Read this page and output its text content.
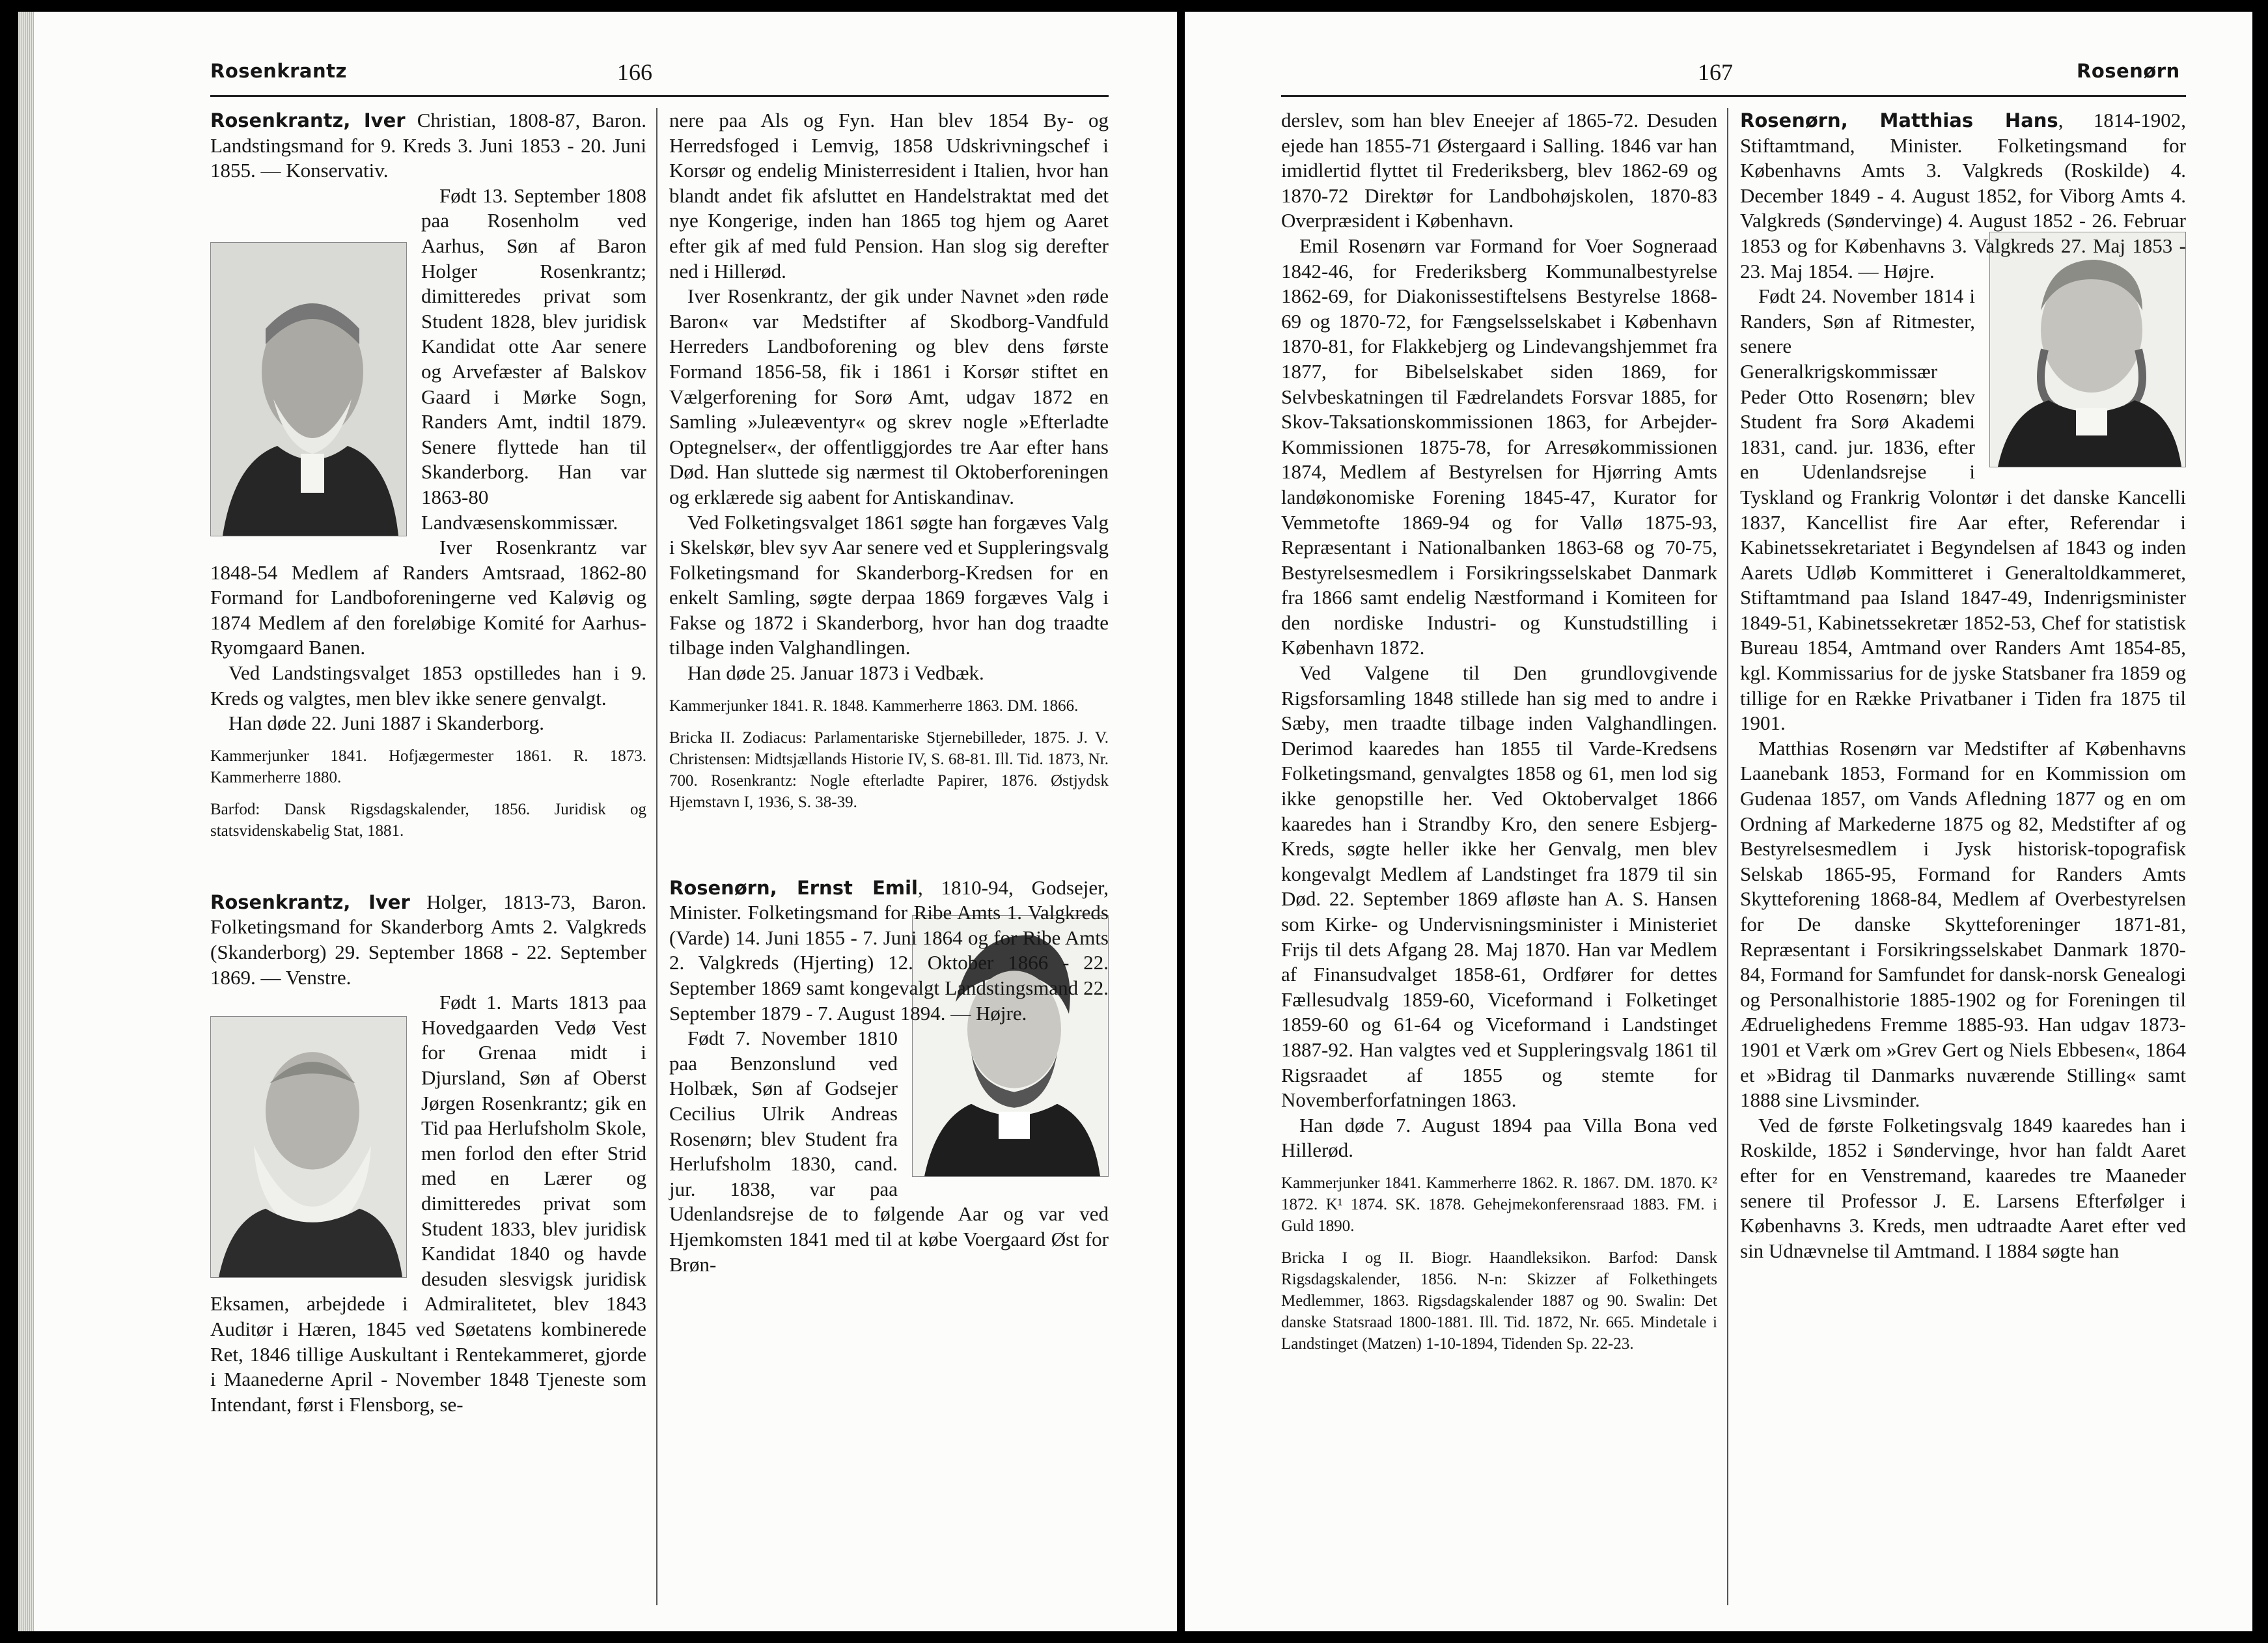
Rosenkrantz	166

Rosenkrantz, Iver Christian, 1808-87, Baron. Landstingsmand for 9. Kreds 3. Juni 1853 - 20. Juni 1855. — Konservativ.

Født 13. September 1808 paa Rosenholm ved Aarhus, Søn af Baron Holger Rosenkrantz; dimitteredes privat som Student 1828, blev juridisk Kandidat otte Aar senere og Arvefæster af Balskov Gaard i Mørke Sogn, Randers Amt, indtil 1879. Senere flyttede han til Skanderborg. Han var 1863-80 Landvæsenskommissær.

Iver Rosenkrantz var 1848-54 Medlem af Randers Amtsraad, 1862-80 Formand for Landboforeningerne ved Kaløvig og 1874 Medlem af den foreløbige Komité for Aarhus-Ryomgaard Banen.

Ved Landstingsvalget 1853 opstilledes han i 9. Kreds og valgtes, men blev ikke senere genvalgt.

Han døde 22. Juni 1887 i Skanderborg.

Kammerjunker 1841. Hofjægermester 1861. R. 1873. Kammerherre 1880.

Barfod: Dansk Rigsdagskalender, 1856. Juridisk og statsvidenskabelig Stat, 1881.

Rosenkrantz, Iver Holger, 1813-73, Baron. Folketingsmand for Skanderborg Amts 2. Valgkreds (Skanderborg) 29. September 1868 - 22. September 1869. — Venstre.

Født 1. Marts 1813 paa Hovedgaarden Vedø Vest for Grenaa midt i Djursland, Søn af Oberst Jørgen Rosenkrantz; gik en Tid paa Herlufsholm Skole, men forlod den efter Strid med en Lærer og dimitteredes privat som Student 1833, blev juridisk Kandidat 1840 og havde desuden slesvigsk juridisk Eksamen, arbejdede i Admiralitetet, blev 1843 Auditør i Hæren, 1845 ved Søetatens kombinerede Ret, 1846 tillige Auskultant i Rentekammeret, gjorde i Maanederne April - November 1848 Tjeneste som Intendant, først i Flensborg, se-

nere paa Als og Fyn. Han blev 1854 By- og Herredsfoged i Lemvig, 1858 Udskrivningschef i Korsør og endelig Ministerresident i Italien, hvor han blandt andet fik afsluttet en Handelstraktat med det nye Kongerige, inden han 1865 tog hjem og Aaret efter gik af med fuld Pension. Han slog sig derefter ned i Hillerød.

Iver Rosenkrantz, der gik under Navnet »den røde Baron« var Medstifter af Skodborg-Vandfuld Herreders Landboforening og blev dens første Formand 1856-58, fik i 1861 i Korsør stiftet en Vælgerforening for Sorø Amt, udgav 1872 en Samling »Juleæventyr« og skrev nogle »Efterladte Optegnelser«, der offentliggjordes tre Aar efter hans Død. Han sluttede sig nærmest til Oktoberforeningen og erklærede sig aabent for Antiskandinav.

Ved Folketingsvalget 1861 søgte han forgæves Valg i Skelskør, blev syv Aar senere ved et Suppleringsvalg Folketingsmand for Skanderborg-Kredsen for en enkelt Samling, søgte derpaa 1869 forgæves Valg i Fakse og 1872 i Skanderborg, hvor han dog traadte tilbage inden Valghandlingen.

Han døde 25. Januar 1873 i Vedbæk.

Kammerjunker 1841. R. 1848. Kammerherre 1863. DM. 1866.

Bricka II. Zodiacus: Parlamentariske Stjernebilleder, 1875. J. V. Christensen: Midtsjællands Historie IV, S. 68-81. Ill. Tid. 1873, Nr. 700. Rosenkrantz: Nogle efterladte Papirer, 1876. Østjydsk Hjemstavn I, 1936, S. 38-39.

Rosenørn, Ernst Emil, 1810-94, Godsejer, Minister. Folketingsmand for Ribe Amts 1. Valgkreds (Varde) 14. Juni 1855 - 7. Juni 1864 og for Ribe Amts 2. Valgkreds (Hjerting) 12. Oktober 1866 - 22. September 1869 samt kongevalgt Landstingsmand 22. September 1879 - 7. August 1894. — Højre.

Født 7. November 1810 paa Benzonslund ved Holbæk, Søn af Godsejer Cecilius Ulrik Andreas Rosenørn; blev Student fra Herlufsholm 1830, cand. jur. 1838, var paa Udenlandsrejse de to følgende Aar og var ved Hjemkomsten 1841 med til at købe Voergaard Øst for Brøn-

167	Rosenørn

derslev, som han blev Eneejer af 1865-72. Desuden ejede han 1855-71 Østergaard i Salling. 1846 var han imidlertid flyttet til Frederiksberg, blev 1862-69 og 1870-72 Direktør for Landbohøjskolen, 1870-83 Overpræsident i København.

Emil Rosenørn var Formand for Voer Sogneraad 1842-46, for Frederiksberg Kommunalbestyrelse 1862-69, for Diakonissestiftelsens Bestyrelse 1868-69 og 1870-72, for Fængselsselskabet i København 1870-81, for Flakkebjerg og Lindevangshjemmet fra 1877, for Bibelselskabet siden 1869, for Selvbeskatningen til Fædrelandets Forsvar 1885, for Skov-Taksationskommissionen 1863, for Arbejder-Kommissionen 1875-78, for Arresøkommissionen 1874, Medlem af Bestyrelsen for Hjørring Amts landøkonomiske Forening 1845-47, Kurator for Vemmetofte 1869-94 og for Vallø 1875-93, Repræsentant i Nationalbanken 1863-68 og 70-75, Bestyrelsesmedlem i Forsikringsselskabet Danmark fra 1866 samt endelig Næstformand i Komiteen for den nordiske Industri- og Kunstudstilling i København 1872.

Ved Valgene til Den grundlovgivende Rigsforsamling 1848 stillede han sig med to andre i Sæby, men traadte tilbage inden Valghandlingen. Derimod kaaredes han 1855 til Varde-Kredsens Folketingsmand, genvalgtes 1858 og 61, men lod sig ikke genopstille her. Ved Oktobervalget 1866 kaaredes han i Strandby Kro, den senere Esbjerg-Kreds, søgte heller ikke her Genvalg, men blev kongevalgt Medlem af Landstinget fra 1879 til sin Død. 22. September 1869 afløste han A. S. Hansen som Kirke- og Undervisningsminister i Ministeriet Frijs til dets Afgang 28. Maj 1870. Han var Medlem af Finansudvalget 1858-61, Ordfører for dettes Fællesudvalg 1859-60, Viceformand i Folketinget 1859-60 og 61-64 og Viceformand i Landstinget 1887-92. Han valgtes ved et Suppleringsvalg 1861 til Rigsraadet af 1855 og stemte for Novemberforfatningen 1863.

Han døde 7. August 1894 paa Villa Bona ved Hillerød.

Kammerjunker 1841. Kammerherre 1862. R. 1867. DM. 1870. K² 1872. K¹ 1874. SK. 1878. Gehejmekonferensraad 1883. FM. i Guld 1890.

Bricka I og II. Biogr. Haandleksikon. Barfod: Dansk Rigsdagskalender, 1856. N-n: Skizzer af Folkethingets Medlemmer, 1863. Rigsdagskalender 1887 og 90. Swalin: Det danske Statsraad 1800-1881. Ill. Tid. 1872, Nr. 665. Mindetale i Landstinget (Matzen) 1-10-1894, Tidenden Sp. 22-23.

Rosenørn, Matthias Hans, 1814-1902, Stiftamtmand, Minister. Folketingsmand for Københavns Amts 3. Valgkreds (Roskilde) 4. December 1849 - 4. August 1852, for Viborg Amts 4. Valgkreds (Søndervinge) 4. August 1852 - 26. Februar 1853 og for Københavns 3. Valgkreds 27. Maj 1853 - 23. Maj 1854. — Højre.

Født 24. November 1814 i Randers, Søn af Ritmester, senere Generalkrigskommissær Peder Otto Rosenørn; blev Student fra Sorø Akademi 1831, cand. jur. 1836, efter en Udenlandsrejse i Tyskland og Frankrig Volontør i det danske Kancelli 1837, Kancellist fire Aar efter, Referendar i Kabinetssekretariatet i Begyndelsen af 1843 og inden Aarets Udløb Kommitteret i Generaltoldkammeret, Stiftamtmand paa Island 1847-49, Indenrigsminister 1849-51, Kabinetssekretær 1852-53, Chef for statistisk Bureau 1854, Amtmand over Randers Amt 1854-85, kgl. Kommissarius for de jyske Statsbaner fra 1859 og tillige for en Række Privatbaner i Tiden fra 1875 til 1901.

Matthias Rosenørn var Medstifter af Københavns Laanebank 1853, Formand for en Kommission om Gudenaa 1857, om Vands Afledning 1877 og en om Ordning af Markederne 1875 og 82, Medstifter af og Bestyrelsesmedlem i Jysk historisk-topografisk Selskab 1865-95, Formand for Randers Amts Skytteforening 1868-84, Medlem af Overbestyrelsen for De danske Skytteforeninger 1871-81, Repræsentant i Forsikringsselskabet Danmark 1870-84, Formand for Samfundet for dansk-norsk Genealogi og Personalhistorie 1885-1902 og for Foreningen til Ædruelighedens Fremme 1885-93. Han udgav 1873-1901 et Værk om »Grev Gert og Niels Ebbesen«, 1864 et »Bidrag til Danmarks nuværende Stilling« samt 1888 sine Livsminder.

Ved de første Folketingsvalg 1849 kaaredes han i Roskilde, 1852 i Søndervinge, hvor han faldt Aaret efter for en Venstremand, kaaredes tre Maaneder senere til Professor J. E. Larsens Efterfølger i Københavns 3. Kreds, men udtraadte Aaret efter ved sin Udnævnelse til Amtmand. I 1884 søgte han
